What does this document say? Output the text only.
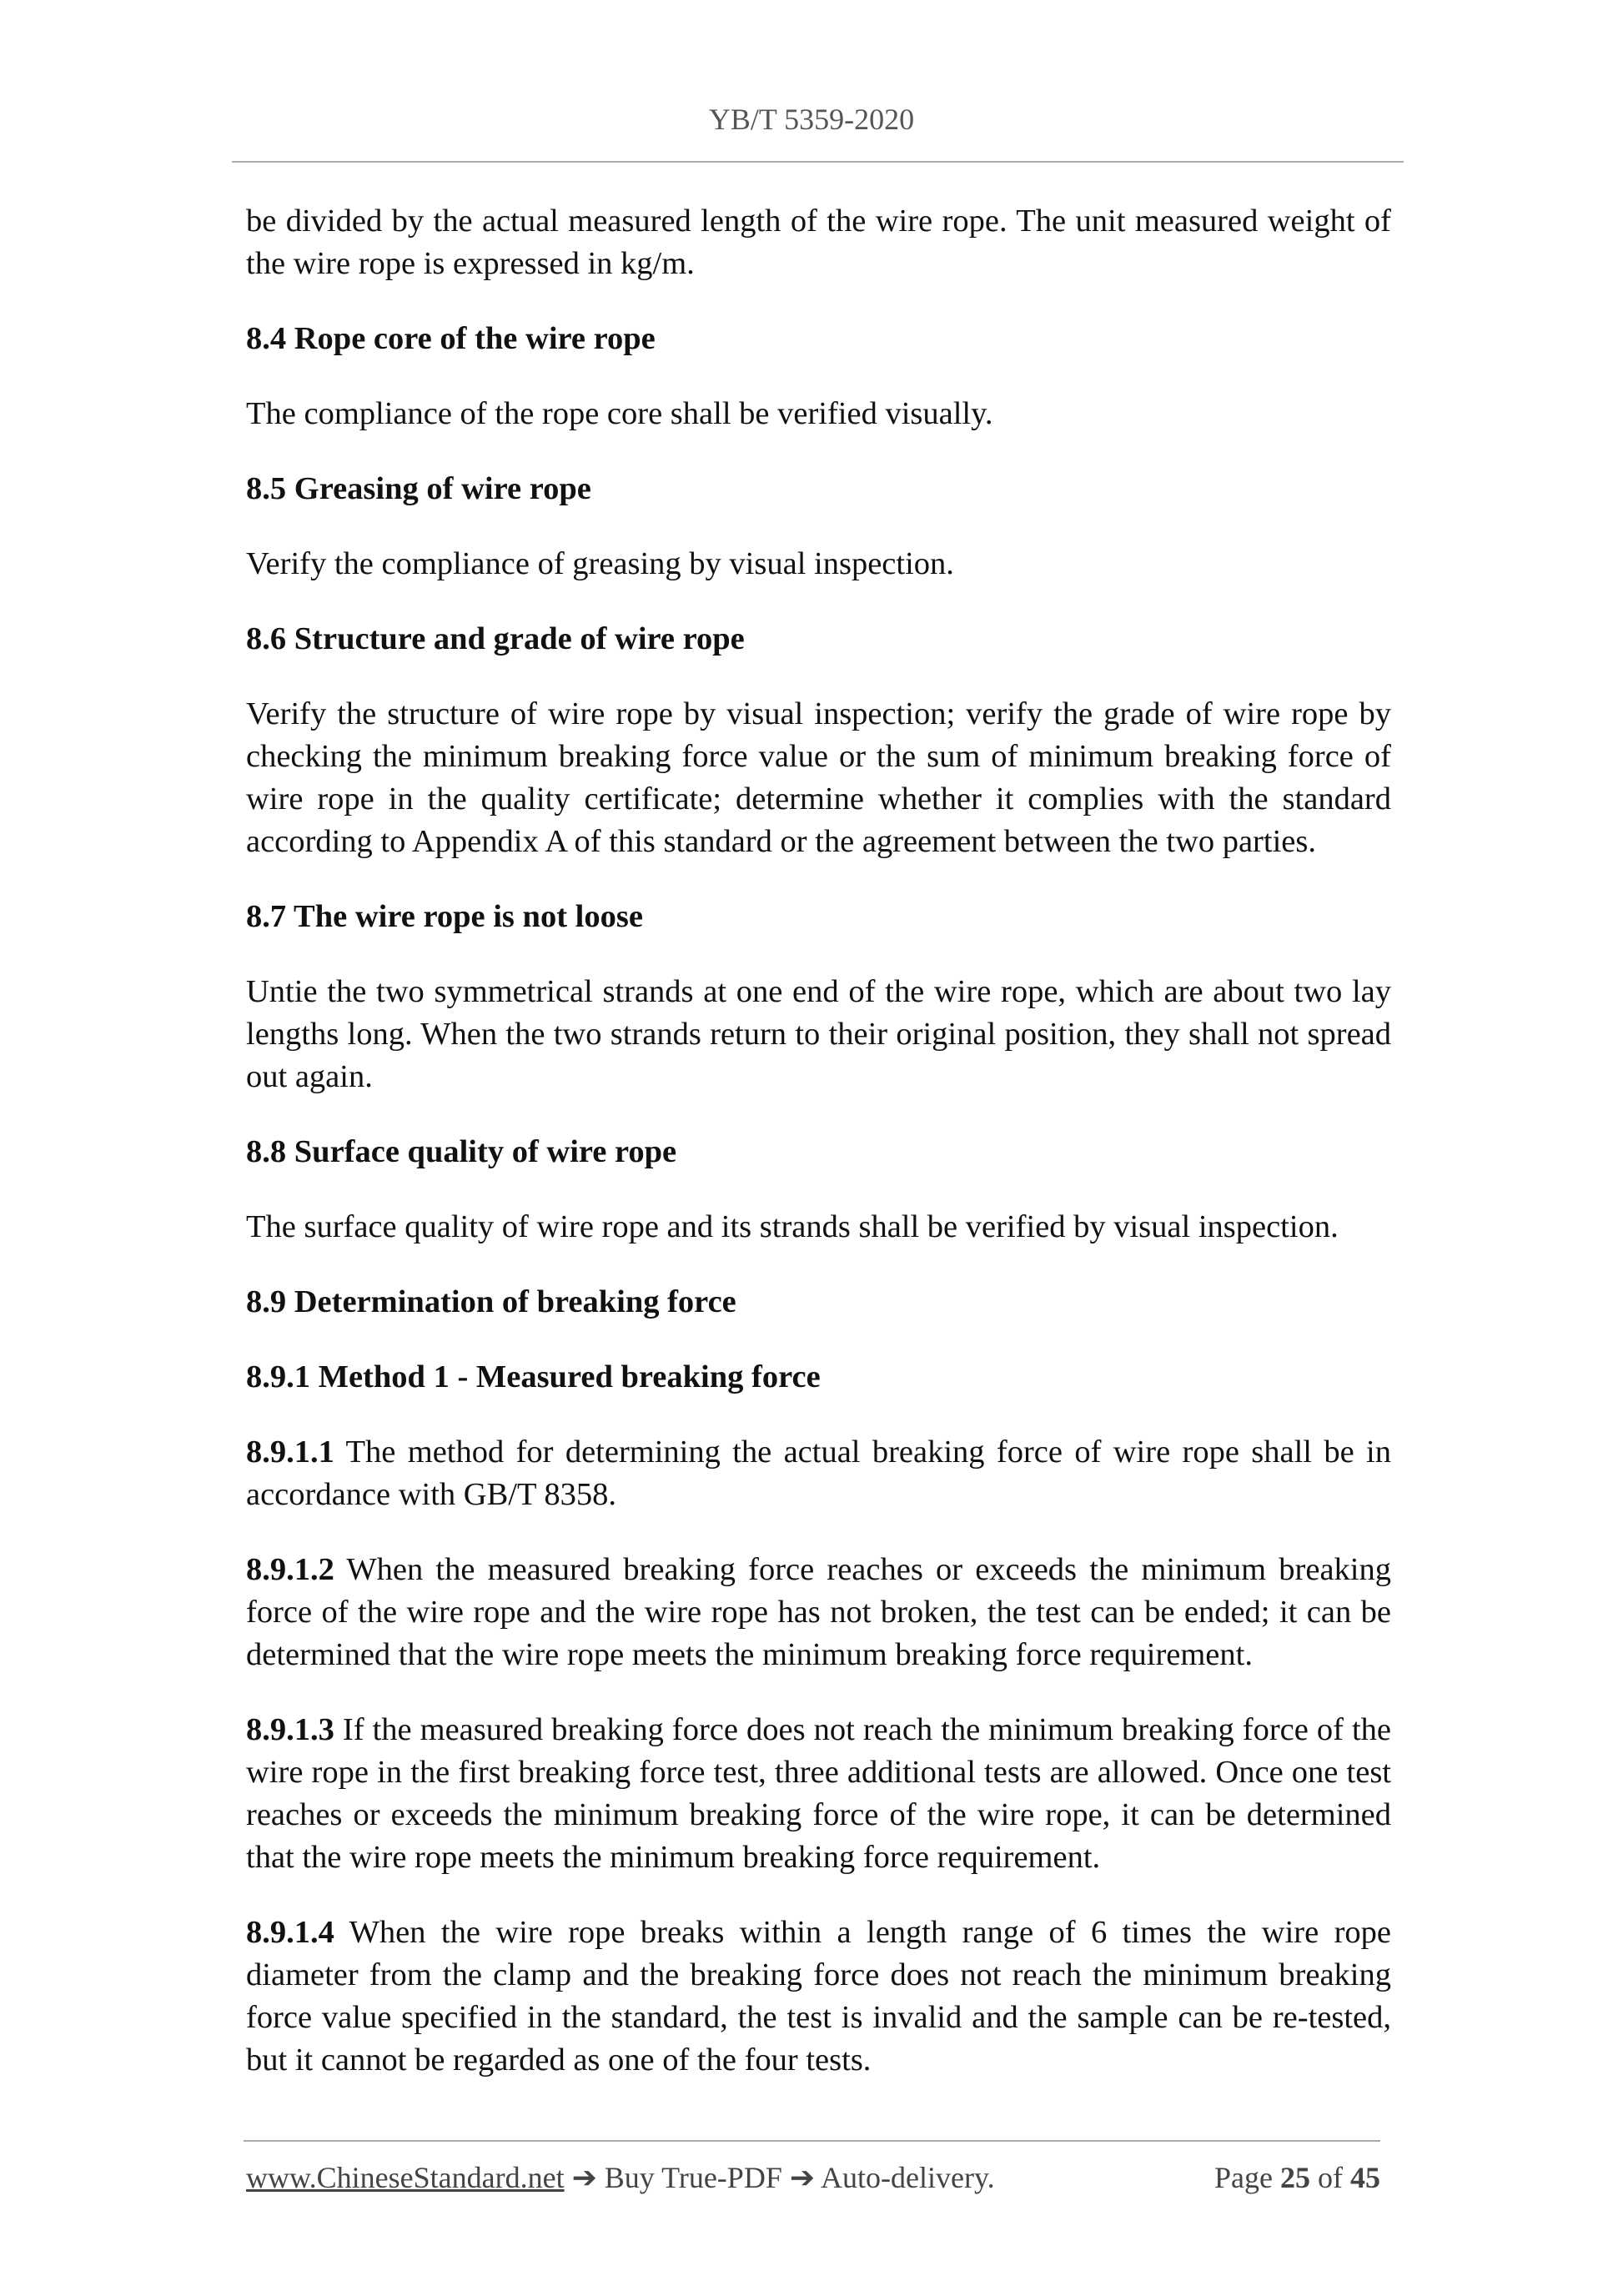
YB/T 5359-2020

be divided by the actual measured length of the wire rope. The unit measured weight of the wire rope is expressed in kg/m.

8.4 Rope core of the wire rope

The compliance of the rope core shall be verified visually.

8.5 Greasing of wire rope

Verify the compliance of greasing by visual inspection.

8.6 Structure and grade of wire rope

Verify the structure of wire rope by visual inspection; verify the grade of wire rope by checking the minimum breaking force value or the sum of minimum breaking force of wire rope in the quality certificate; determine whether it complies with the standard according to Appendix A of this standard or the agreement between the two parties.

8.7 The wire rope is not loose

Untie the two symmetrical strands at one end of the wire rope, which are about two lay lengths long. When the two strands return to their original position, they shall not spread out again.

8.8 Surface quality of wire rope

The surface quality of wire rope and its strands shall be verified by visual inspection.

8.9 Determination of breaking force
8.9.1 Method 1 - Measured breaking force

8.9.1.1 The method for determining the actual breaking force of wire rope shall be in accordance with GB/T 8358.

8.9.1.2 When the measured breaking force reaches or exceeds the minimum breaking force of the wire rope and the wire rope has not broken, the test can be ended; it can be determined that the wire rope meets the minimum breaking force requirement.

8.9.1.3 If the measured breaking force does not reach the minimum breaking force of the wire rope in the first breaking force test, three additional tests are allowed. Once one test reaches or exceeds the minimum breaking force of the wire rope, it can be determined that the wire rope meets the minimum breaking force requirement.

8.9.1.4 When the wire rope breaks within a length range of 6 times the wire rope diameter from the clamp and the breaking force does not reach the minimum breaking force value specified in the standard, the test is invalid and the sample can be re-tested, but it cannot be regarded as one of the four tests.

www.ChineseStandard.net ➔ Buy True-PDF ➔ Auto-delivery.	Page 25 of 45
